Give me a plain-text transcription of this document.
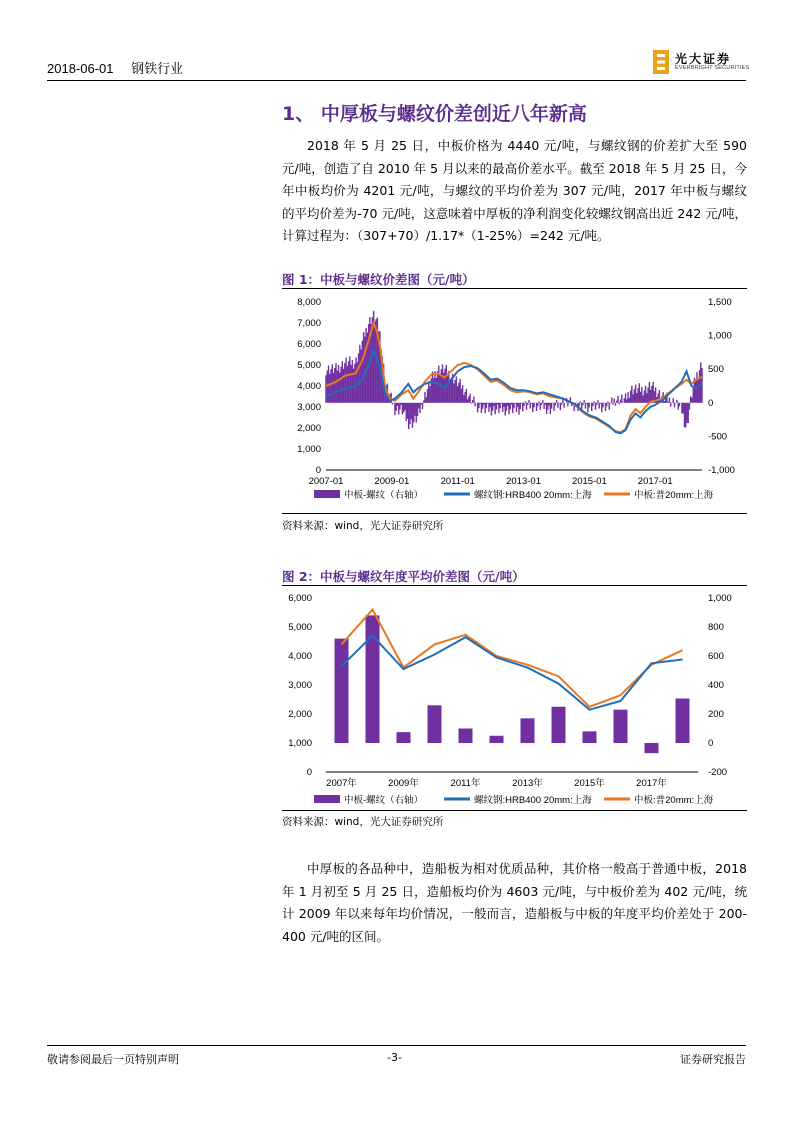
2018-06-01 钢铁行业
光大证券
EVERBRIGHT SECURITIES
1、 中厚板与螺纹价差创近八年新高

2018 年 5 月 25 日，中板价格为 4440 元/吨，与螺纹钢的价差扩大至 590 元/吨，创造了自 2010 年 5 月以来的最高价差水平。截至 2018 年 5 月 25 日，今年中板均价为 4201 元/吨，与螺纹的平均价差为 307 元/吨，2017 年中板与螺纹的平均价差为-70 元/吨，这意味着中厚板的净利润变化较螺纹钢高出近 242 元/吨，计算过程为：（307+70）/1.17*（1-25%）=242 元/吨。

图 1：中板与螺纹价差图（元/吨）
8,000
7,000
6,000
5,000
4,000
3,000
2,000
1,000
0
1,500
1,000
500
0
-500
-1,000
2007-01	2009-01	2011-01	2013-01	2015-01	2017-01
中板-螺纹（右轴）	螺纹钢:HRB400 20mm:上海	中板:普20mm:上海
资料来源：wind，光大证券研究所
图 2：中板与螺纹年度平均价差图（元/吨）
6,000
5,000
4,000
3,000
2,000
1,000
0
1,000
800
600
400
200
0
-200
2007年	2009年	2011年	2013年	2015年	2017年
中板-螺纹（右轴）	螺纹钢:HRB400 20mm:上海	中板:普20mm:上海
资料来源：wind，光大证券研究所

中厚板的各品种中，造船板为相对优质品种，其价格一般高于普通中板，2018 年 1 月初至 5 月 25 日，造船板均价为 4603 元/吨，与中板价差为 402 元/吨，统计 2009 年以来每年均价情况，一般而言，造船板与中板的年度平均价差处于 200-400 元/吨的区间。

敬请参阅最后一页特别声明	-3-	证券研究报告
